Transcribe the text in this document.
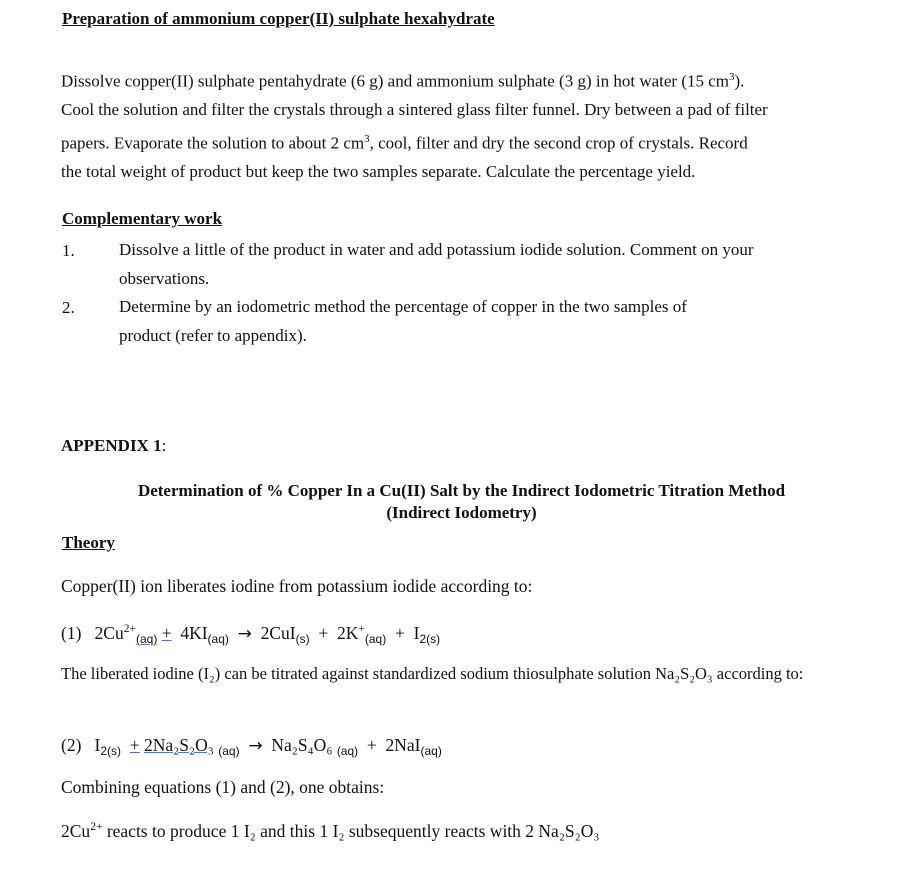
Preparation of ammonium copper(II) sulphate hexahydrate
Dissolve copper(II) sulphate pentahydrate (6 g) and ammonium sulphate (3 g) in hot water (15 $cm^3$).
Cool the solution and filter the crystals through a sintered glass filter funnel. Dry between a pad of filter
papers. Evaporate the solution to about 2 $cm^3$, cool, filter and dry the second crop of crystals. Record
the total weight of product but keep the two samples separate. Calculate the percentage yield.
Complementary work
1.	Dissolve a little of the product in water and add potassium iodide solution. Comment on your
observations.
2.	Determine by an iodometric method the percentage of copper in the two samples of
product (refer to appendix).
APPENDIX 1:
Determination of % Copper In a Cu(II) Salt by the Indirect Iodometric Titration Method
(Indirect Iodometry)
Theory
Copper(II) ion liberates iodine from potassium iodide according to:
(1) $2Cu^{2+}_{(aq)} + 4KI_{(aq)} \to 2CuI_{(s)} + 2K^+_{(aq)} + I_{2(s)}$
The liberated iodine (I₂) can be titrated against standardized sodium thiosulphate solution Na₂S₂O₃ according to:
(2) $I_{2(s)} + 2Na_2S_2O_3$ $_{(aq)}$ → Na₂S₄O₆ $_{(aq)}$ + 2NaI$_{(aq)}$
Combining equations (1) and (2), one obtains:
$2Cu^{2+}$ reacts to produce 1 I₂ and this 1 I₂ subsequently reacts with 2 Na₂S₂O₃
